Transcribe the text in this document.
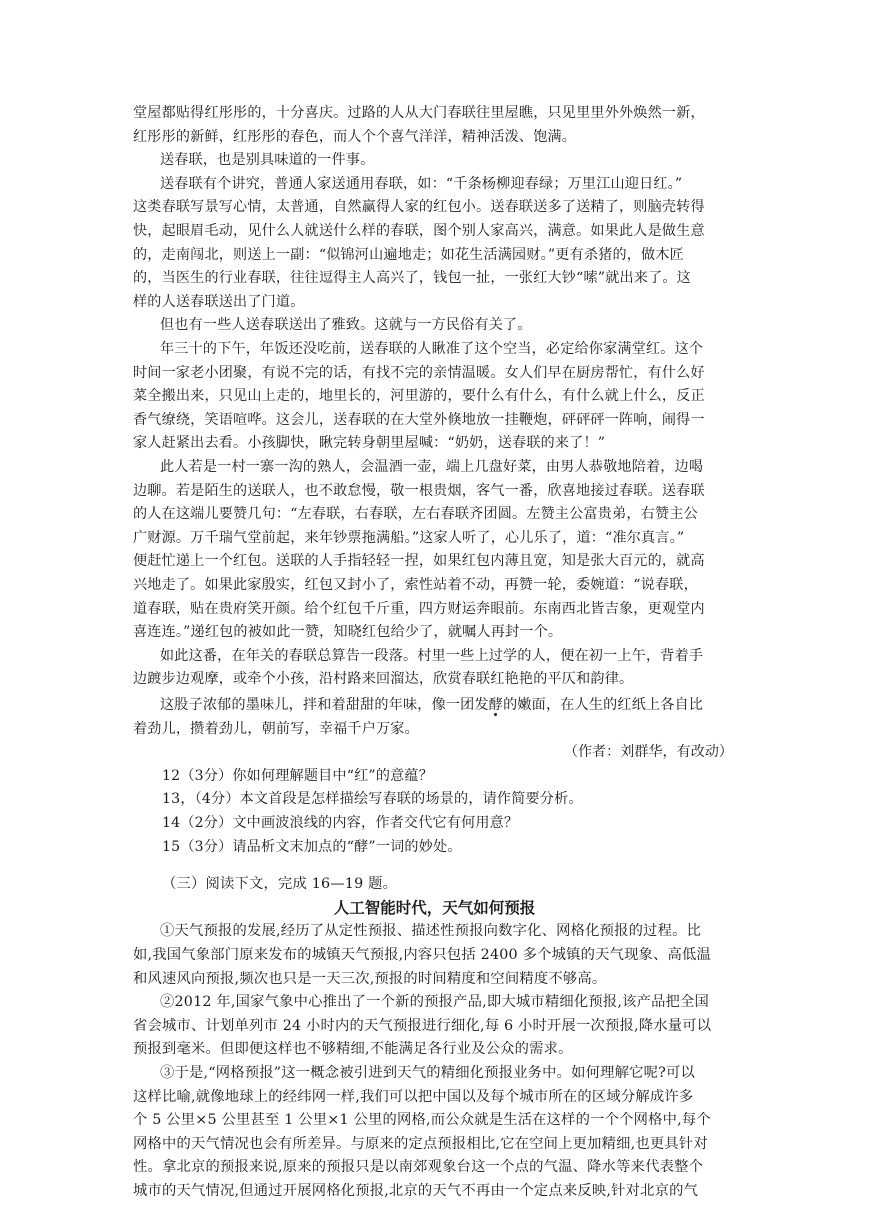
堂屋都贴得红彤彤的，十分喜庆。过路的人从大门春联往里屋瞧，只见里里外外焕然一新，
红彤彤的新鲜，红彤彤的春色，而人个个喜气洋洋，精神活泼、饱满。
送春联，也是别具味道的一件事。
送春联有个讲究，普通人家送通用春联，如：“千条杨柳迎春绿；万里江山迎日红。”
这类春联写景写心情，太普通，自然赢得人家的红包小。送春联送多了送精了，则脑壳转得
快，起眼眉毛动，见什么人就送什么样的春联，图个别人家高兴，满意。如果此人是做生意
的，走南闯北，则送上一副：“似锦河山遍地走；如花生活满园财。”更有杀猪的，做木匠
的，当医生的行业春联，往往逗得主人高兴了，钱包一扯，一张红大钞“嗦”就出来了。这
样的人送春联送出了门道。
但也有一些人送春联送出了雅致。这就与一方民俗有关了。
年三十的下午，年饭还没吃前，送春联的人瞅准了这个空当，必定给你家满堂红。这个
时间一家老小团聚，有说不完的话，有找不完的亲情温暖。女人们早在厨房帮忙，有什么好
菜全搬出来，只见山上走的，地里长的，河里游的，要什么有什么，有什么就上什么，反正
香气缭绕，笑语喧哗。这会儿，送春联的在大堂外倏地放一挂鞭炮，砰砰砰一阵响，闹得一
家人赶紧出去看。小孩脚快，瞅完转身朝里屋喊：“奶奶，送春联的来了！”
此人若是一村一寨一沟的熟人，会温酒一壶，端上几盘好菜，由男人恭敬地陪着，边喝
边聊。若是陌生的送联人，也不敢怠慢，敬一根贵烟，客气一番，欣喜地接过春联。送春联
的人在这端儿要赞几句：“左春联，右春联，左右春联齐团圆。左赞主公富贵弟，右赞主公
广财源。万千瑞气堂前起，来年钞票拖满船。”这家人听了，心儿乐了，道：“准尔真言。”
便赶忙递上一个红包。送联的人手指轻轻一捏，如果红包内薄且宽，知是张大百元的，就高
兴地走了。如果此家殷实，红包又封小了，索性站着不动，再赞一轮，委婉道：“说春联，
道春联，贴在贵府笑开颜。给个红包千斤重，四方财运奔眼前。东南西北皆吉象，更观堂内
喜连连。”递红包的被如此一赞，知晓红包给少了，就嘱人再封一个。
如此这番，在年关的春联总算告一段落。村里一些上过学的人，便在初一上午，背着手
边踱步边观摩，或牵个小孩，沿村路来回溜达，欣赏春联红艳艳的平仄和韵律。
这股子浓郁的墨味儿，拌和着甜甜的年味，像一团发酵的嫩面，在人生的红纸上各自比
着劲儿，攒着劲儿，朝前写，幸福千户万家。
（作者：刘群华，有改动）
12（3分）你如何理解题目中“红”的意蕴？
13，（4分）本文首段是怎样描绘写春联的场景的，请作简要分析。
14（2分）文中画波浪线的内容，作者交代它有何用意？
15（3分）请品析文末加点的“酵”一词的妙处。
（三）阅读下文，完成 16—19 题。
人工智能时代，天气如何预报
①天气预报的发展,经历了从定性预报、描述性预报向数字化、网格化预报的过程。比
如,我国气象部门原来发布的城镇天气预报,内容只包括 2400 多个城镇的天气现象、高低温
和风速风向预报,频次也只是一天三次,预报的时间精度和空间精度不够高。
②2012 年,国家气象中心推出了一个新的预报产品,即大城市精细化预报,该产品把全国
省会城市、计划单列市 24 小时内的天气预报进行细化,每 6 小时开展一次预报,降水量可以
预报到毫米。但即便这样也不够精细,不能满足各行业及公众的需求。
③于是,“网格预报”这一概念被引进到天气的精细化预报业务中。如何理解它呢?可以
这样比喻,就像地球上的经纬网一样,我们可以把中国以及每个城市所在的区域分解成许多
个 5 公里×5 公里甚至 1 公里×1 公里的网格,而公众就是生活在这样的一个个网格中,每个
网格中的天气情况也会有所差异。与原来的定点预报相比,它在空间上更加精细,也更具针对
性。拿北京的预报来说,原来的预报只是以南郊观象台这一个点的气温、降水等来代表整个
城市的天气情况,但通过开展网格化预报,北京的天气不再由一个定点来反映,针对北京的气
